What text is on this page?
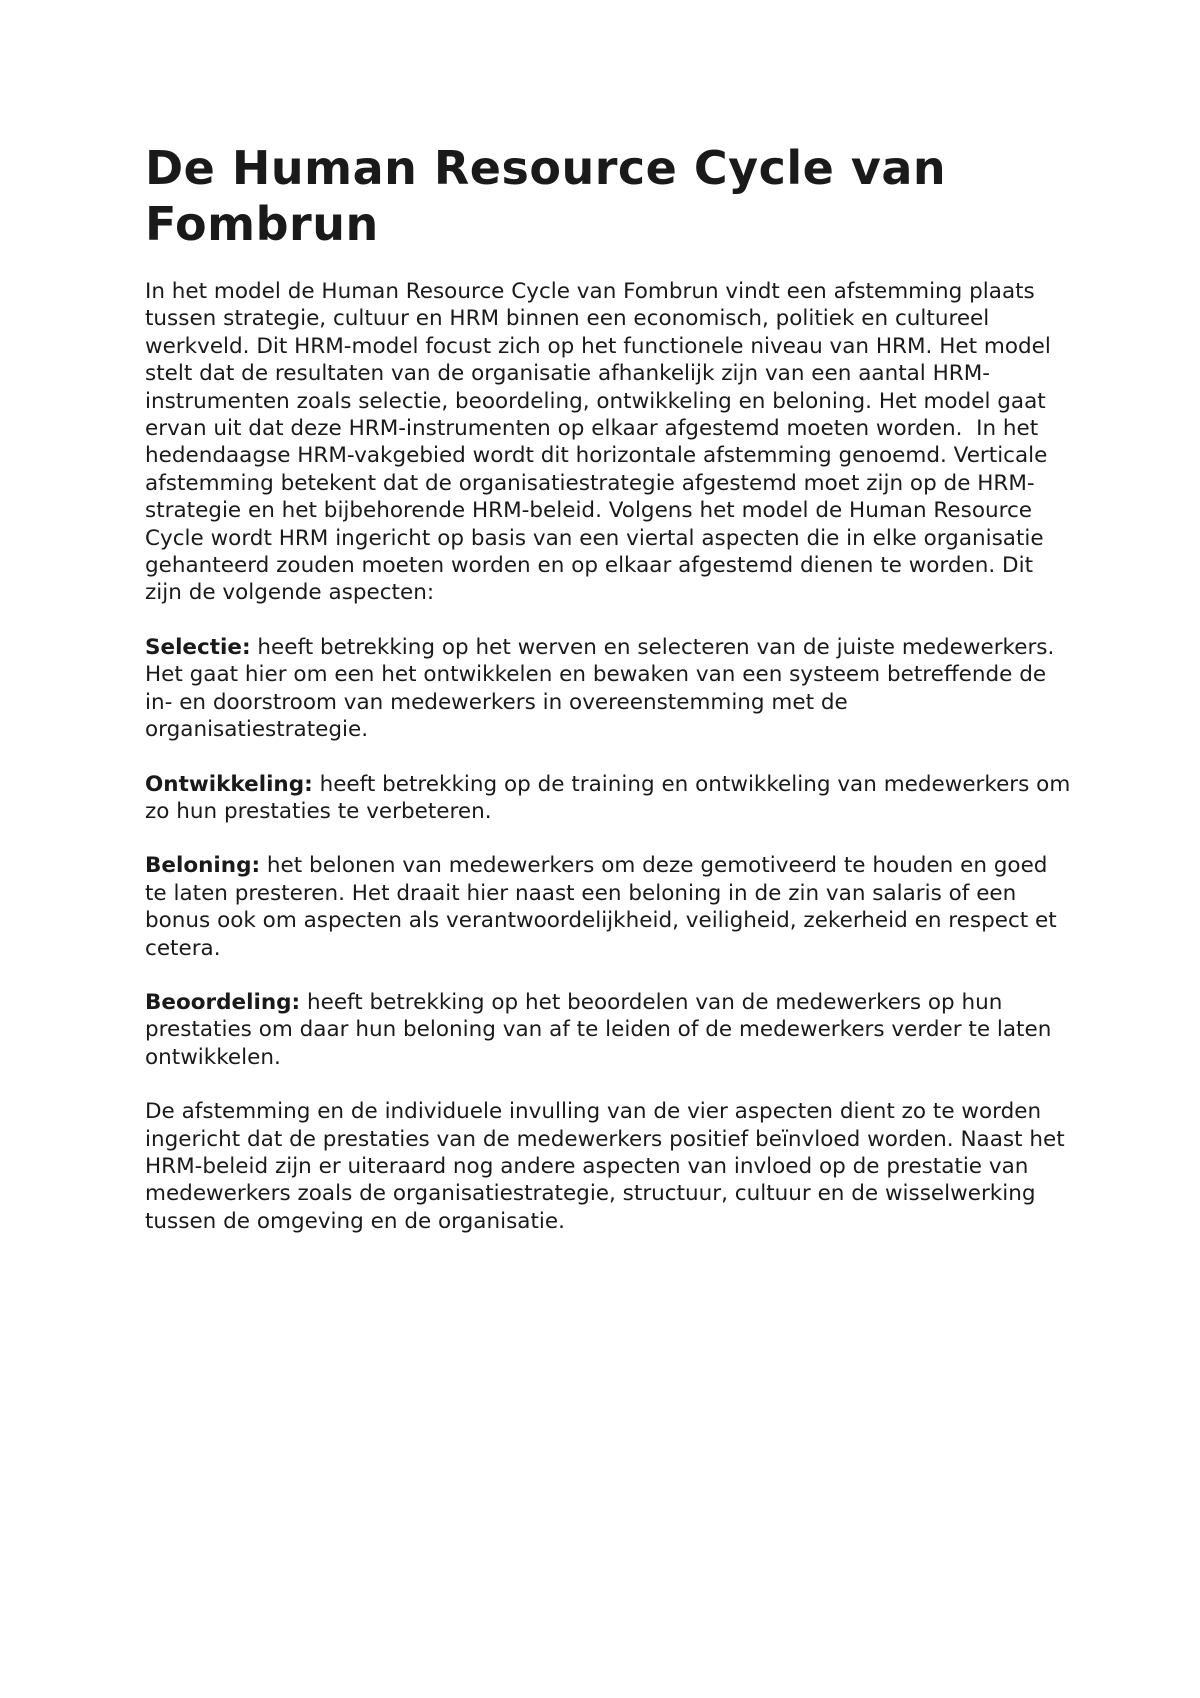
De Human Resource Cycle van Fombrun

In het model de Human Resource Cycle van Fombrun vindt een afstemming plaats tussen strategie, cultuur en HRM binnen een economisch, politiek en cultureel werkveld. Dit HRM-model focust zich op het functionele niveau van HRM. Het model stelt dat de resultaten van de organisatie afhankelijk zijn van een aantal HRM-instrumenten zoals selectie, beoordeling, ontwikkeling en beloning. Het model gaat ervan uit dat deze HRM-instrumenten op elkaar afgestemd moeten worden.  In het hedendaagse HRM-vakgebied wordt dit horizontale afstemming genoemd. Verticale afstemming betekent dat de organisatiestrategie afgestemd moet zijn op de HRM-strategie en het bijbehorende HRM-beleid. Volgens het model de Human Resource Cycle wordt HRM ingericht op basis van een viertal aspecten die in elke organisatie gehanteerd zouden moeten worden en op elkaar afgestemd dienen te worden. Dit zijn de volgende aspecten:

Selectie: heeft betrekking op het werven en selecteren van de juiste medewerkers. Het gaat hier om een het ontwikkelen en bewaken van een systeem betreffende de in- en doorstroom van medewerkers in overeenstemming met de organisatiestrategie.

Ontwikkeling: heeft betrekking op de training en ontwikkeling van medewerkers om zo hun prestaties te verbeteren.

Beloning: het belonen van medewerkers om deze gemotiveerd te houden en goed te laten presteren. Het draait hier naast een beloning in de zin van salaris of een bonus ook om aspecten als verantwoordelijkheid, veiligheid, zekerheid en respect et cetera.

Beoordeling: heeft betrekking op het beoordelen van de medewerkers op hun prestaties om daar hun beloning van af te leiden of de medewerkers verder te laten ontwikkelen.

De afstemming en de individuele invulling van de vier aspecten dient zo te worden ingericht dat de prestaties van de medewerkers positief beïnvloed worden. Naast het HRM-beleid zijn er uiteraard nog andere aspecten van invloed op de prestatie van medewerkers zoals de organisatiestrategie, structuur, cultuur en de wisselwerking tussen de omgeving en de organisatie.
